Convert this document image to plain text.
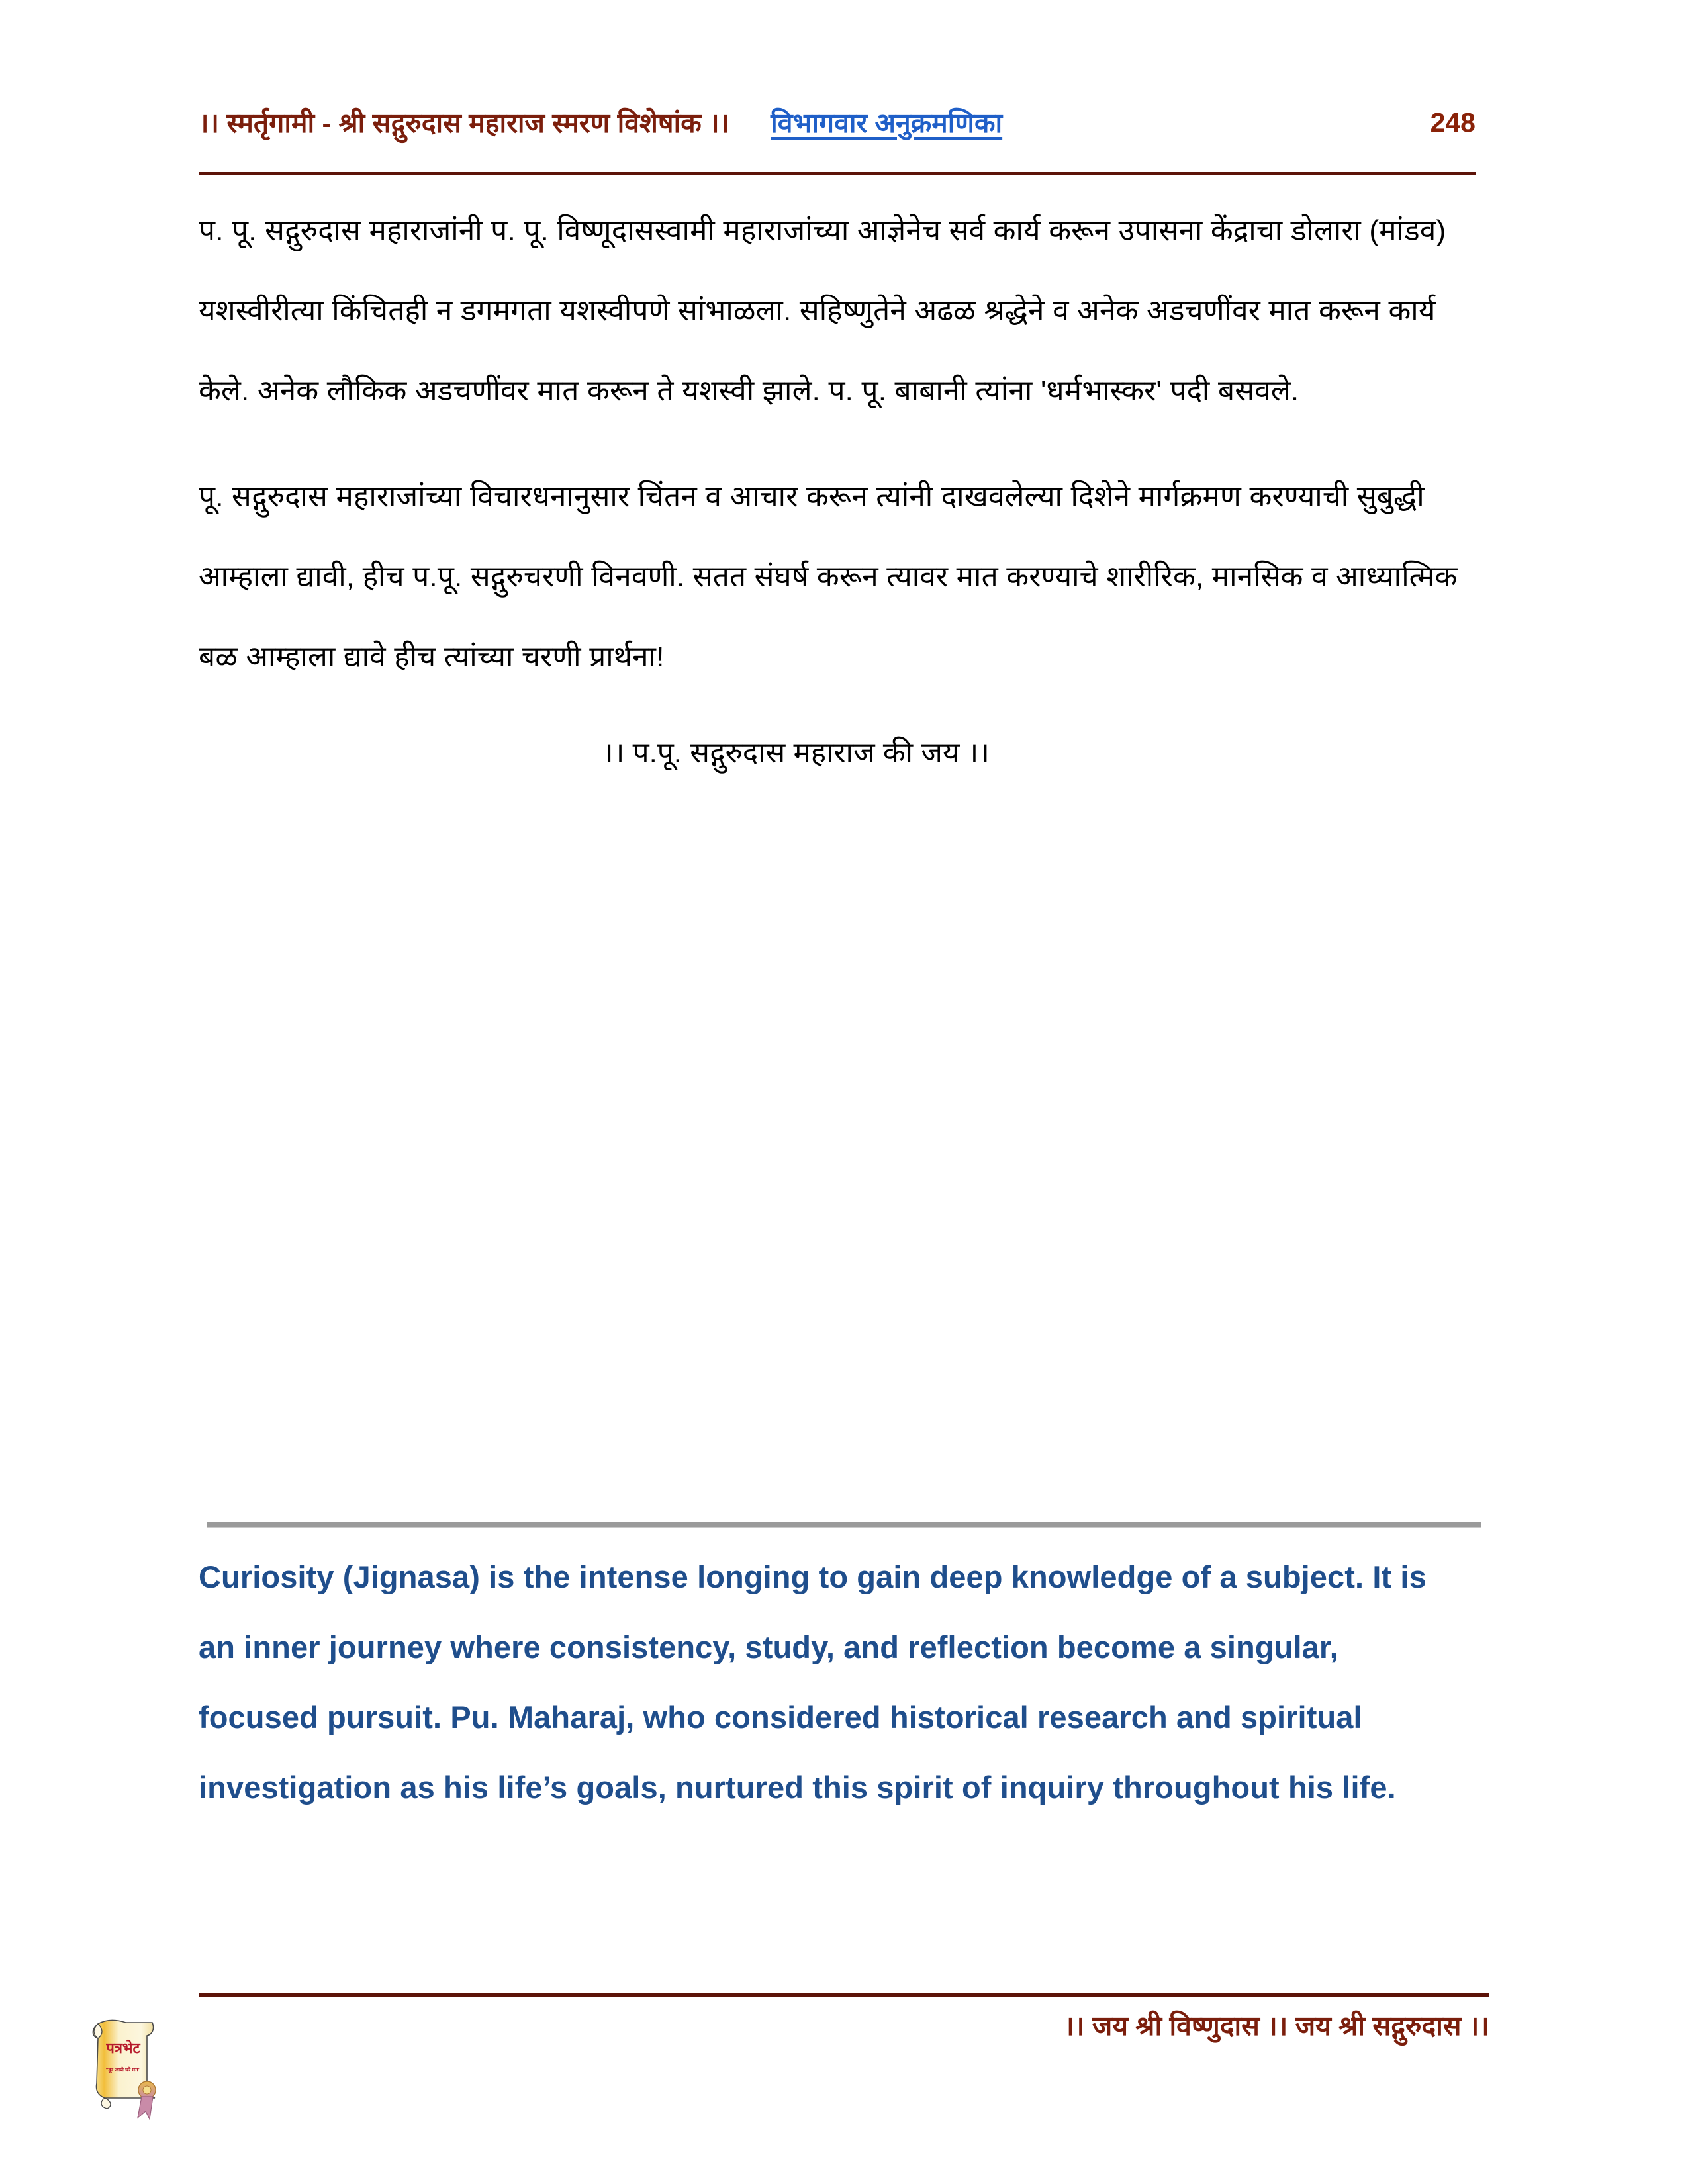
।। स्मर्तृगामी - श्री सद्गुरुदास महाराज स्मरण विशेषांक ।। विभागवार अनुक्रमणिका	248

प. पू. सद्गुरुदास महाराजांनी प. पू. विष्णूदासस्वामी महाराजांच्या आज्ञेनेच सर्व कार्य करून उपासना केंद्राचा डोलारा (मांडव) यशस्वीरीत्या किंचितही न डगमगता यशस्वीपणे सांभाळला. सहिष्णुतेने अढळ श्रद्धेने व अनेक अडचणींवर मात करून कार्य केले. अनेक लौकिक अडचणींवर मात करून ते यशस्वी झाले. प. पू. बाबानी त्यांना 'धर्मभास्कर' पदी बसवले.

पू. सद्गुरुदास महाराजांच्या विचारधनानुसार चिंतन व आचार करून त्यांनी दाखवलेल्या दिशेने मार्गक्रमण करण्याची सुबुद्धी आम्हाला द्यावी, हीच प.पू. सद्गुरुचरणी विनवणी. सतत संघर्ष करून त्यावर मात करण्याचे शारीरिक, मानसिक व आध्यात्मिक बळ आम्हाला द्यावे हीच त्यांच्या चरणी प्रार्थना!

।। प.पू. सद्गुरुदास महाराज की जय ।।

Curiosity (Jignasa) is the intense longing to gain deep knowledge of a subject. It is an inner journey where consistency, study, and reflection become a singular, focused pursuit. Pu. Maharaj, who considered historical research and spiritual investigation as his life’s goals, nurtured this spirit of inquiry throughout his life.

।। जय श्री विष्णुदास ।। जय श्री सद्गुरुदास ।।
पत्रभेट
"दूर जाणे घरे मन"
